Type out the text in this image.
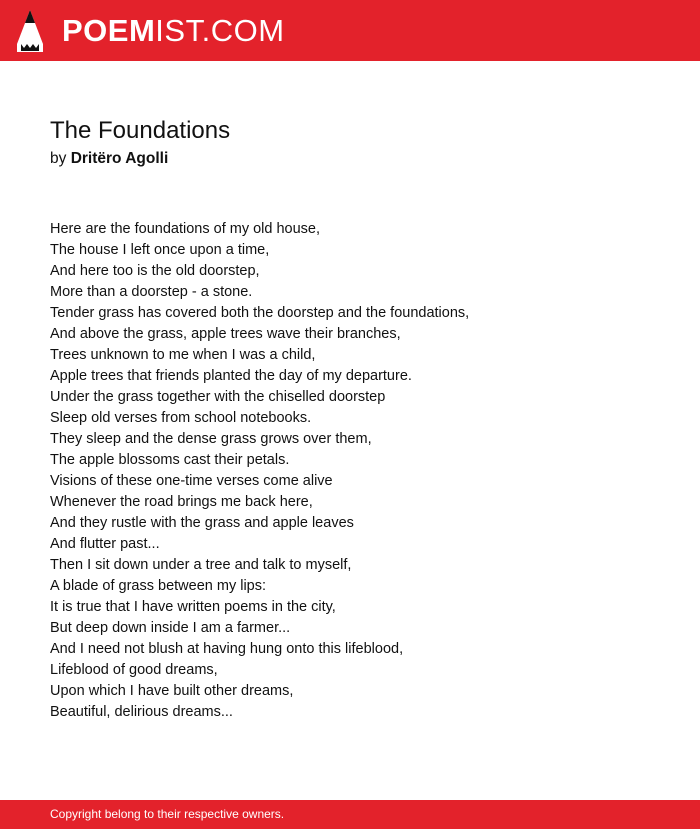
POEMIST.COM
The Foundations
by Dritëro Agolli
Here are the foundations of my old house,
The house I left once upon a time,
And here too is the old doorstep,
More than a doorstep - a stone.
Tender grass has covered both the doorstep and the foundations,
And above the grass, apple trees wave their branches,
Trees unknown to me when I was a child,
Apple trees that friends planted the day of my departure.
Under the grass together with the chiselled doorstep
Sleep old verses from school notebooks.
They sleep and the dense grass grows over them,
The apple blossoms cast their petals.
Visions of these one-time verses come alive
Whenever the road brings me back here,
And they rustle with the grass and apple leaves
And flutter past...
Then I sit down under a tree and talk to myself,
A blade of grass between my lips:
It is true that I have written poems in the city,
But deep down inside I am a farmer...
And I need not blush at having hung onto this lifeblood,
Lifeblood of good dreams,
Upon which I have built other dreams,
Beautiful, delirious dreams...
Copyright belong to their respective owners.
